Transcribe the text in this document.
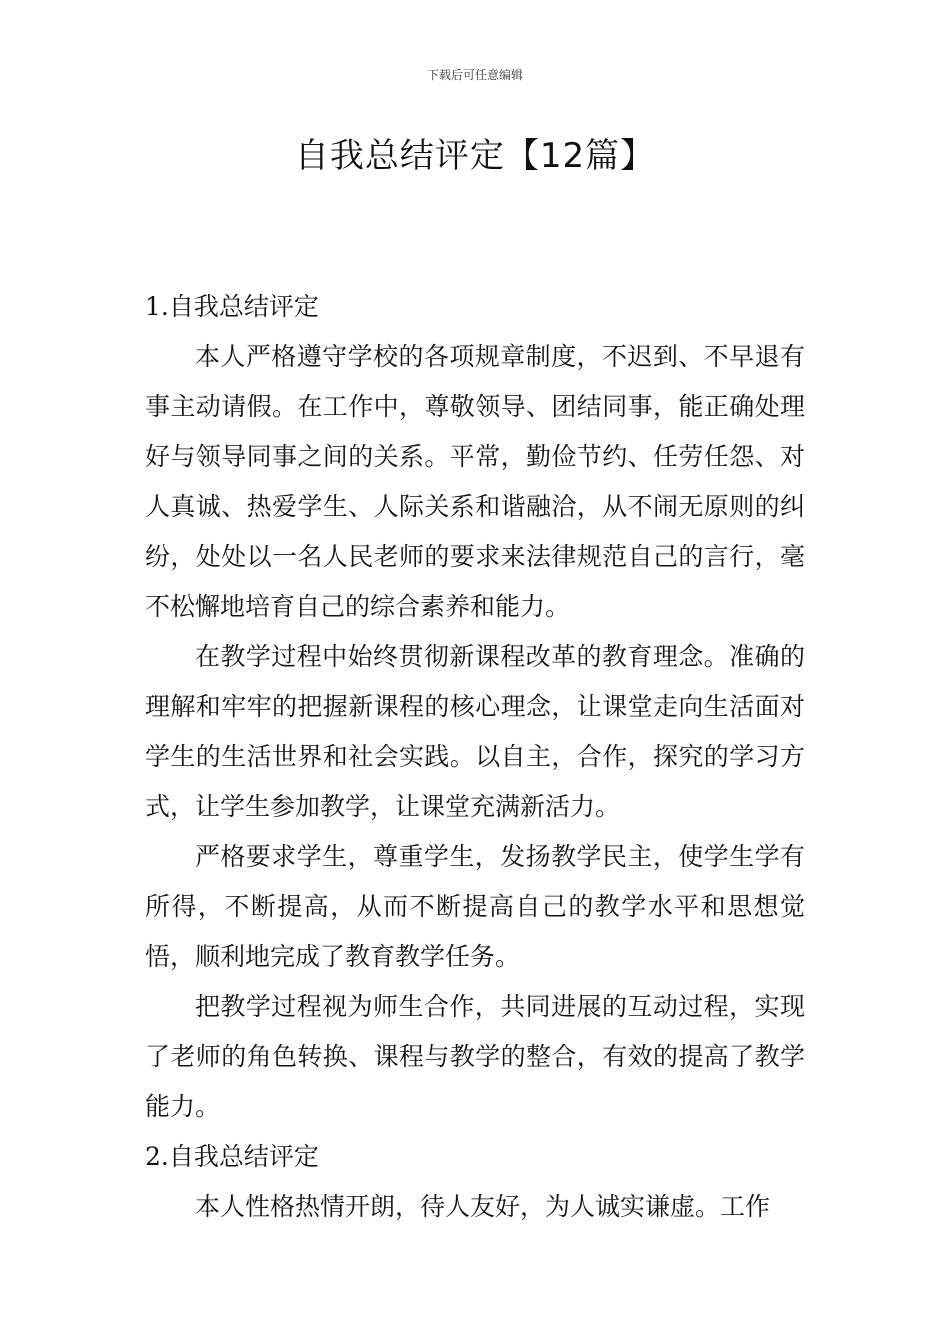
下载后可任意编辑
自我总结评定【12篇】

1.自我总结评定

本人严格遵守学校的各项规章制度，不迟到、不早退有事主动请假。在工作中，尊敬领导、团结同事，能正确处理好与领导同事之间的关系。平常，勤俭节约、任劳任怨、对人真诚、热爱学生、人际关系和谐融洽，从不闹无原则的纠纷，处处以一名人民老师的要求来法律规范自己的言行，毫不松懈地培育自己的综合素养和能力。

在教学过程中始终贯彻新课程改革的教育理念。准确的理解和牢牢的把握新课程的核心理念，让课堂走向生活面对学生的生活世界和社会实践。以自主，合作，探究的学习方式，让学生参加教学，让课堂充满新活力。

严格要求学生，尊重学生，发扬教学民主，使学生学有所得，不断提高，从而不断提高自己的教学水平和思想觉悟，顺利地完成了教育教学任务。

把教学过程视为师生合作，共同进展的互动过程，实现了老师的角色转换、课程与教学的整合，有效的提高了教学能力。

2.自我总结评定

本人性格热情开朗，待人友好，为人诚实谦虚。工作
